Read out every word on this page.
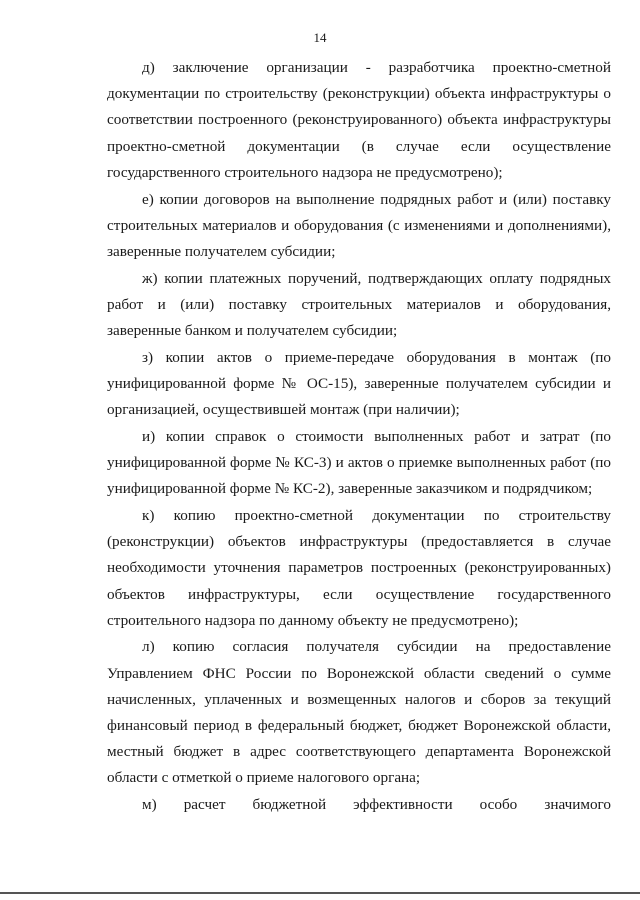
14

д) заключение организации - разработчика проектно-сметной документации по строительству (реконструкции) объекта инфраструктуры о соответствии построенного (реконструированного) объекта инфраструктуры проектно-сметной документации (в случае если осуществление государственного строительного надзора не предусмотрено);

е) копии договоров на выполнение подрядных работ и (или) поставку строительных материалов и оборудования (с изменениями и дополнениями), заверенные получателем субсидии;

ж) копии платежных поручений, подтверждающих оплату подрядных работ и (или) поставку строительных материалов и оборудования, заверенные банком и получателем субсидии;

з) копии актов о приеме-передаче оборудования в монтаж (по унифицированной форме № ОС-15), заверенные получателем субсидии и организацией, осуществившей монтаж (при наличии);

и) копии справок о стоимости выполненных работ и затрат (по унифицированной форме № КС-3) и актов о приемке выполненных работ (по унифицированной форме № КС-2), заверенные заказчиком и подрядчиком;

к) копию проектно-сметной документации по строительству (реконструкции) объектов инфраструктуры (предоставляется в случае необходимости уточнения параметров построенных (реконструированных) объектов инфраструктуры, если осуществление государственного строительного надзора по данному объекту не предусмотрено);

л) копию согласия получателя субсидии на предоставление Управлением ФНС России по Воронежской области сведений о сумме начисленных, уплаченных и возмещенных налогов и сборов за текущий финансовый период в федеральный бюджет, бюджет Воронежской области, местный бюджет в адрес соответствующего департамента Воронежской области с отметкой о приеме налогового органа;

м) расчет бюджетной эффективности особо значимого
